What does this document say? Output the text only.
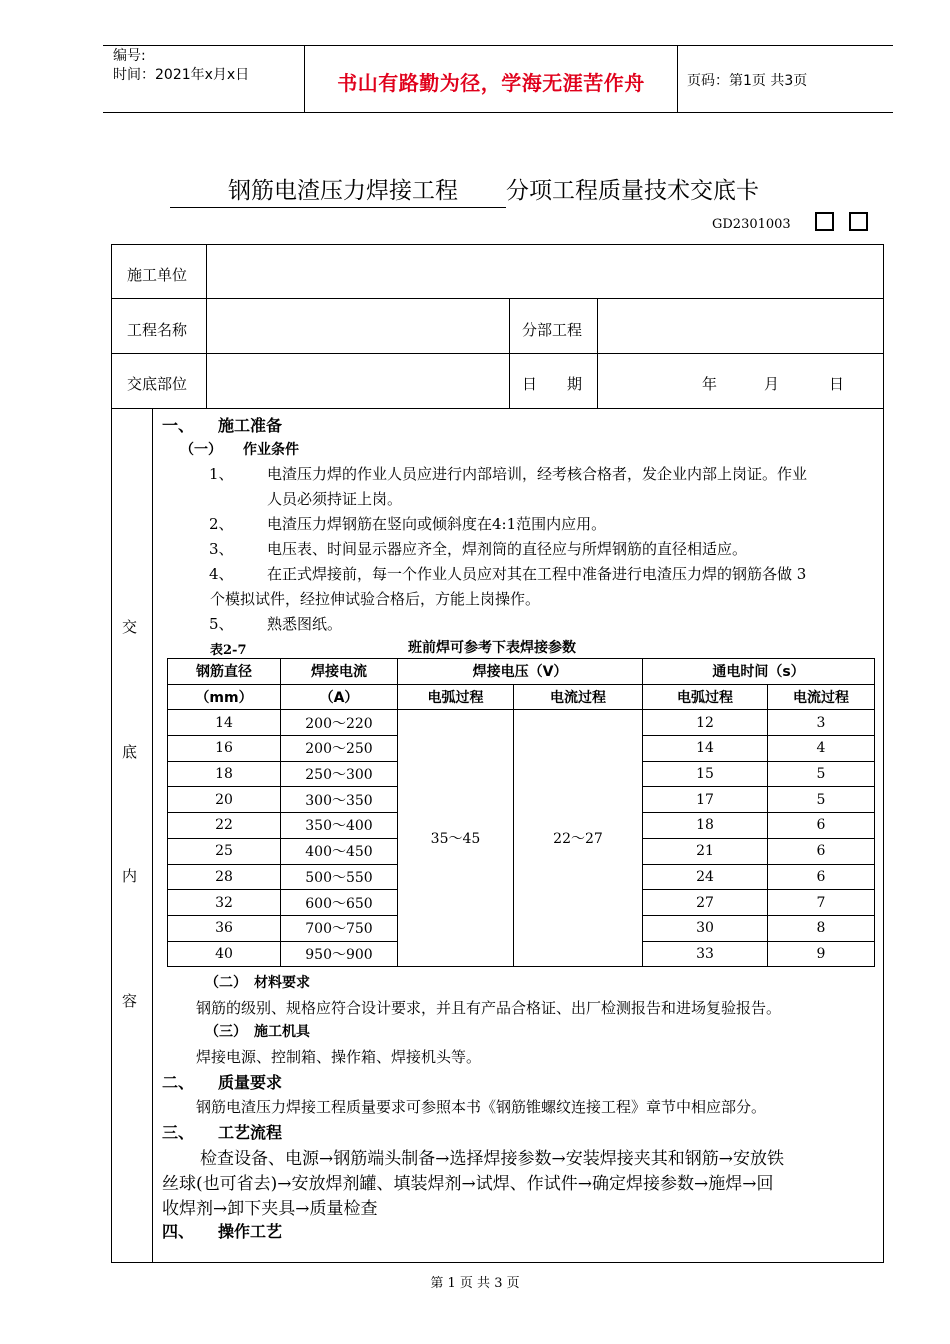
编号:
时间：2021年x月x日	书山有路勤为径，学海无涯苦作舟	页码：第1页 共3页
钢筋电渣压力焊接工程 分项工程质量技术交底卡
GD2301003
施工单位
工程名称	分部工程
交底部位	日　　期	年	月	日
交
底
内
容
一、　　施工准备
（一）　　作业条件
1、 电渣压力焊的作业人员应进行内部培训，经考核合格者，发企业内部上岗证。作业
人员必须持证上岗。
2、 电渣压力焊钢筋在竖向或倾斜度在4:1范围内应用。
3、 电压表、时间显示器应齐全，焊剂筒的直径应与所焊钢筋的直径相适应。
4、 在正式焊接前，每一个作业人员应对其在工程中准备进行电渣压力焊的钢筋各做 3
个模拟试件，经拉伸试验合格后，方能上岗操作。
5、 熟悉图纸。
表2-7	班前焊可参考下表焊接参数
钢筋直径	焊接电流	焊接电压（V）		通电时间（s）	
（mm）	（A）	电弧过程	电流过程	电弧过程	电流过程
14	200～220	35～45	22～27	12	3
16	200～250			14	4
18	250～300			15	5
20	300～350			17	5
22	350～400			18	6
25	400～450			21	6
28	500～550			24	6
32	600～650			27	7
36	700～750			30	8
40	950～900			33	9
（二）　材料要求
钢筋的级别、规格应符合设计要求，并且有产品合格证、出厂检测报告和进场复验报告。
（三）　施工机具
焊接电源、控制箱、操作箱、焊接机头等。
二、　　质量要求
钢筋电渣压力焊接工程质量要求可参照本书《钢筋锥螺纹连接工程》章节中相应部分。
三、　　工艺流程
检查设备、电源→钢筋端头制备→选择焊接参数→安装焊接夹其和钢筋→安放铁
丝球(也可省去)→安放焊剂罐、填装焊剂→试焊、作试件→确定焊接参数→施焊→回
收焊剂→卸下夹具→质量检查
四、　　操作工艺
第 1 页 共 3 页
